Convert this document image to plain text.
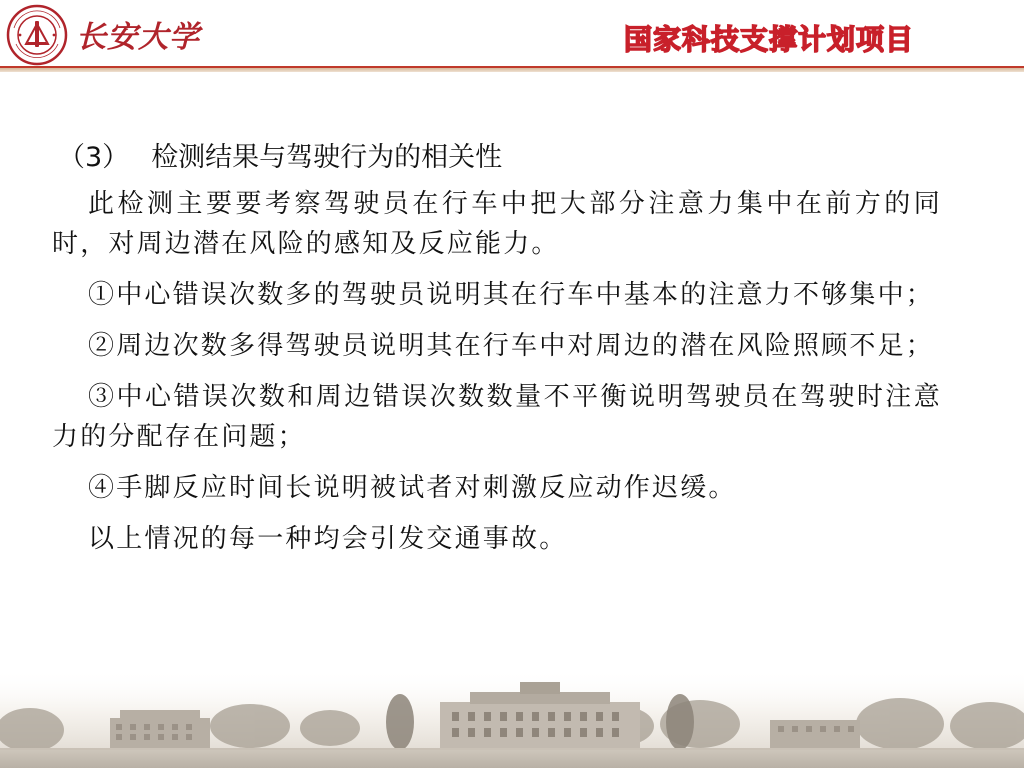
长安大学	国家科技支撑计划项目
（3） 检测结果与驾驶行为的相关性

此检测主要要考察驾驶员在行车中把大部分注意力集中在前方的同时，对周边潜在风险的感知及反应能力。

①中心错误次数多的驾驶员说明其在行车中基本的注意力不够集中；

②周边次数多得驾驶员说明其在行车中对周边的潜在风险照顾不足；

③中心错误次数和周边错误次数数量不平衡说明驾驶员在驾驶时注意力的分配存在问题；

④手脚反应时间长说明被试者对刺激反应动作迟缓。

以上情况的每一种均会引发交通事故。
